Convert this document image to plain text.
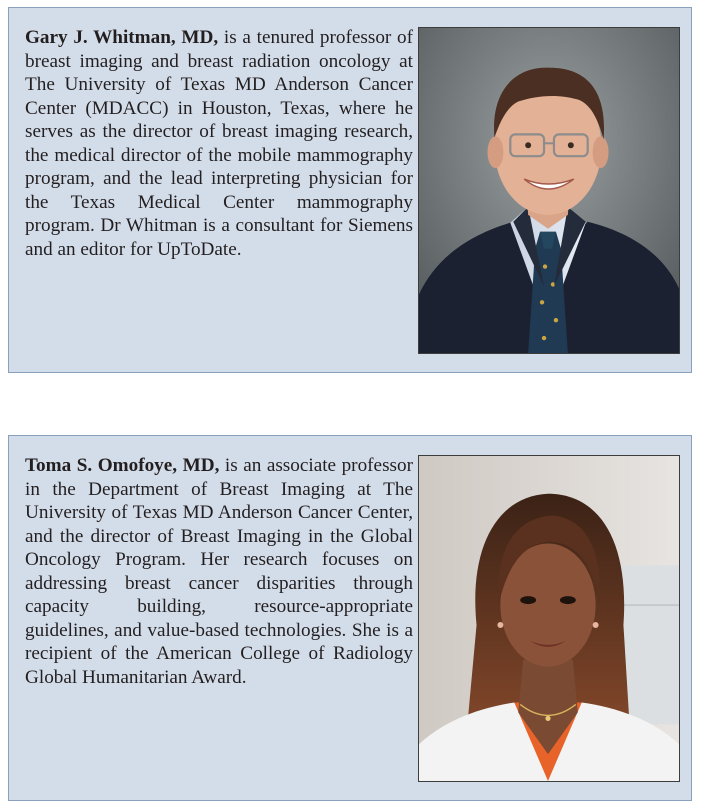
Gary J. Whitman, MD, is a tenured professor of breast imaging and breast radiation oncology at The University of Texas MD Anderson Cancer Center (MDACC) in Houston, Texas, where he serves as the director of breast imaging research, the medical director of the mobile mammography program, and the lead interpreting physician for the Texas Medical Center mammography program. Dr Whitman is a consultant for Siemens and an editor for UpToDate.

Toma S. Omofoye, MD, is an associate professor in the Department of Breast Imaging at The University of Texas MD Anderson Cancer Center, and the director of Breast Imaging in the Global Oncology Program. Her research focuses on addressing breast cancer disparities through capacity building, resource-appropriate guidelines, and value-based technologies. She is a recipient of the American College of Radiology Global Humanitarian Award.
